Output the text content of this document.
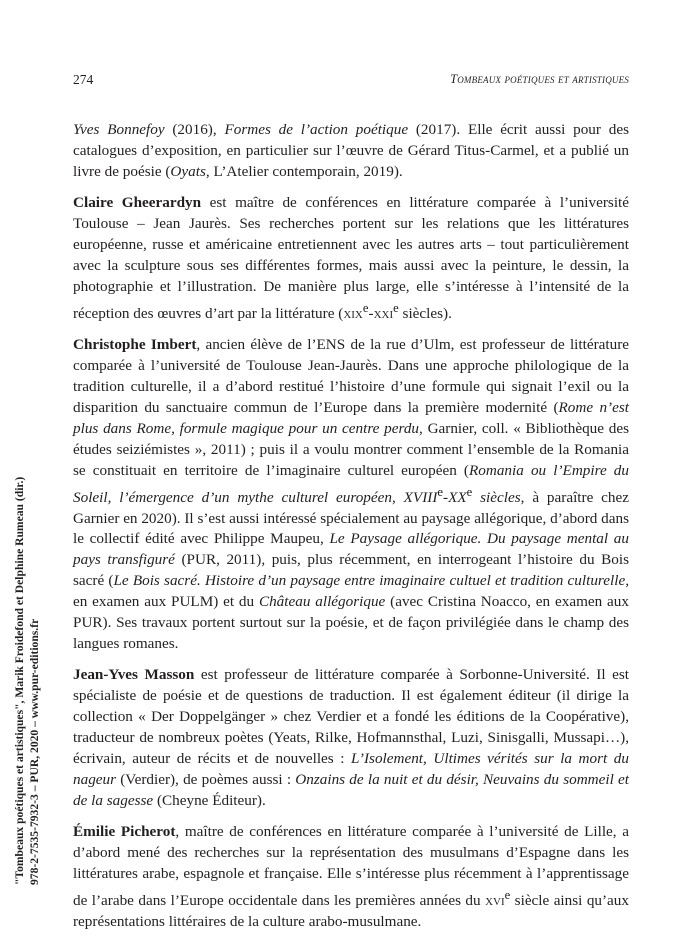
274	Tombeaux poétiques et artistiques

Yves Bonnefoy (2016), Formes de l’action poétique (2017). Elle écrit aussi pour des catalogues d’exposition, en particulier sur l’œuvre de Gérard Titus-Carmel, et a publié un livre de poésie (Oyats, L’Atelier contemporain, 2019).

Claire Gheerardyn est maître de conférences en littérature comparée à l’université Toulouse – Jean Jaurès. Ses recherches portent sur les relations que les littératures européenne, russe et américaine entretiennent avec les autres arts – tout particulièrement avec la sculpture sous ses différentes formes, mais aussi avec la peinture, le dessin, la photographie et l’illustration. De manière plus large, elle s’intéresse à l’intensité de la réception des œuvres d’art par la littérature (xix$^e$-xxi$^e$ siècles).

Christophe Imbert, ancien élève de l’ENS de la rue d’Ulm, est professeur de littérature comparée à l’université de Toulouse Jean-Jaurès. Dans une approche philologique de la tradition culturelle, il a d’abord restitué l’histoire d’une formule qui signait l’exil ou la disparition du sanctuaire commun de l’Europe dans la première modernité (Rome n’est plus dans Rome, formule magique pour un centre perdu, Garnier, coll. « Bibliothèque des études seiziémistes », 2011) ; puis il a voulu montrer comment l’ensemble de la Romania se constituait en territoire de l’imaginaire culturel européen (Romania ou l’Empire du Soleil, l’émergence d’un mythe culturel européen, XVIIIe-XXe siècles, à paraître chez Garnier en 2020). Il s’est aussi intéressé spécialement au paysage allégorique, d’abord dans le collectif édité avec Philippe Maupeu, Le Paysage allégorique. Du paysage mental au pays transfiguré (PUR, 2011), puis, plus récemment, en interrogeant l’histoire du Bois sacré (Le Bois sacré. Histoire d’un paysage entre imaginaire cultuel et tradition culturelle, en examen aux PULM) et du Château allégorique (avec Cristina Noacco, en examen aux PUR). Ses travaux portent surtout sur la poésie, et de façon privilégiée dans le champ des langues romanes.

Jean-Yves Masson est professeur de littérature comparée à Sorbonne-Université. Il est spécialiste de poésie et de questions de traduction. Il est également éditeur (il dirige la collection « Der Doppelgänger » chez Verdier et a fondé les éditions de la Coopérative), traducteur de nombreux poètes (Yeats, Rilke, Hofmannsthal, Luzi, Sinisgalli, Mussapi…), écrivain, auteur de récits et de nouvelles : L’Isolement, Ultimes vérités sur la mort du nageur (Verdier), de poèmes aussi : Onzains de la nuit et du désir, Neuvains du sommeil et de la sagesse (Cheyne Éditeur).

Émilie Picherot, maître de conférences en littérature comparée à l’université de Lille, a d’abord mené des recherches sur la représentation des musulmans d’Espagne dans les littératures arabe, espagnole et française. Elle s’intéresse plus récemment à l’apprentissage de l’arabe dans l’Europe occidentale dans les premières années du xvi$^e$ siècle ainsi qu’aux représentations littéraires de la culture arabo-musulmane.

"Tombeaux poétiques et artistiques", Marik Froidefond et Delphine Rumeau (dir.) 978-2-7535-7932-3 – PUR, 2020 – www.pur-editions.fr
